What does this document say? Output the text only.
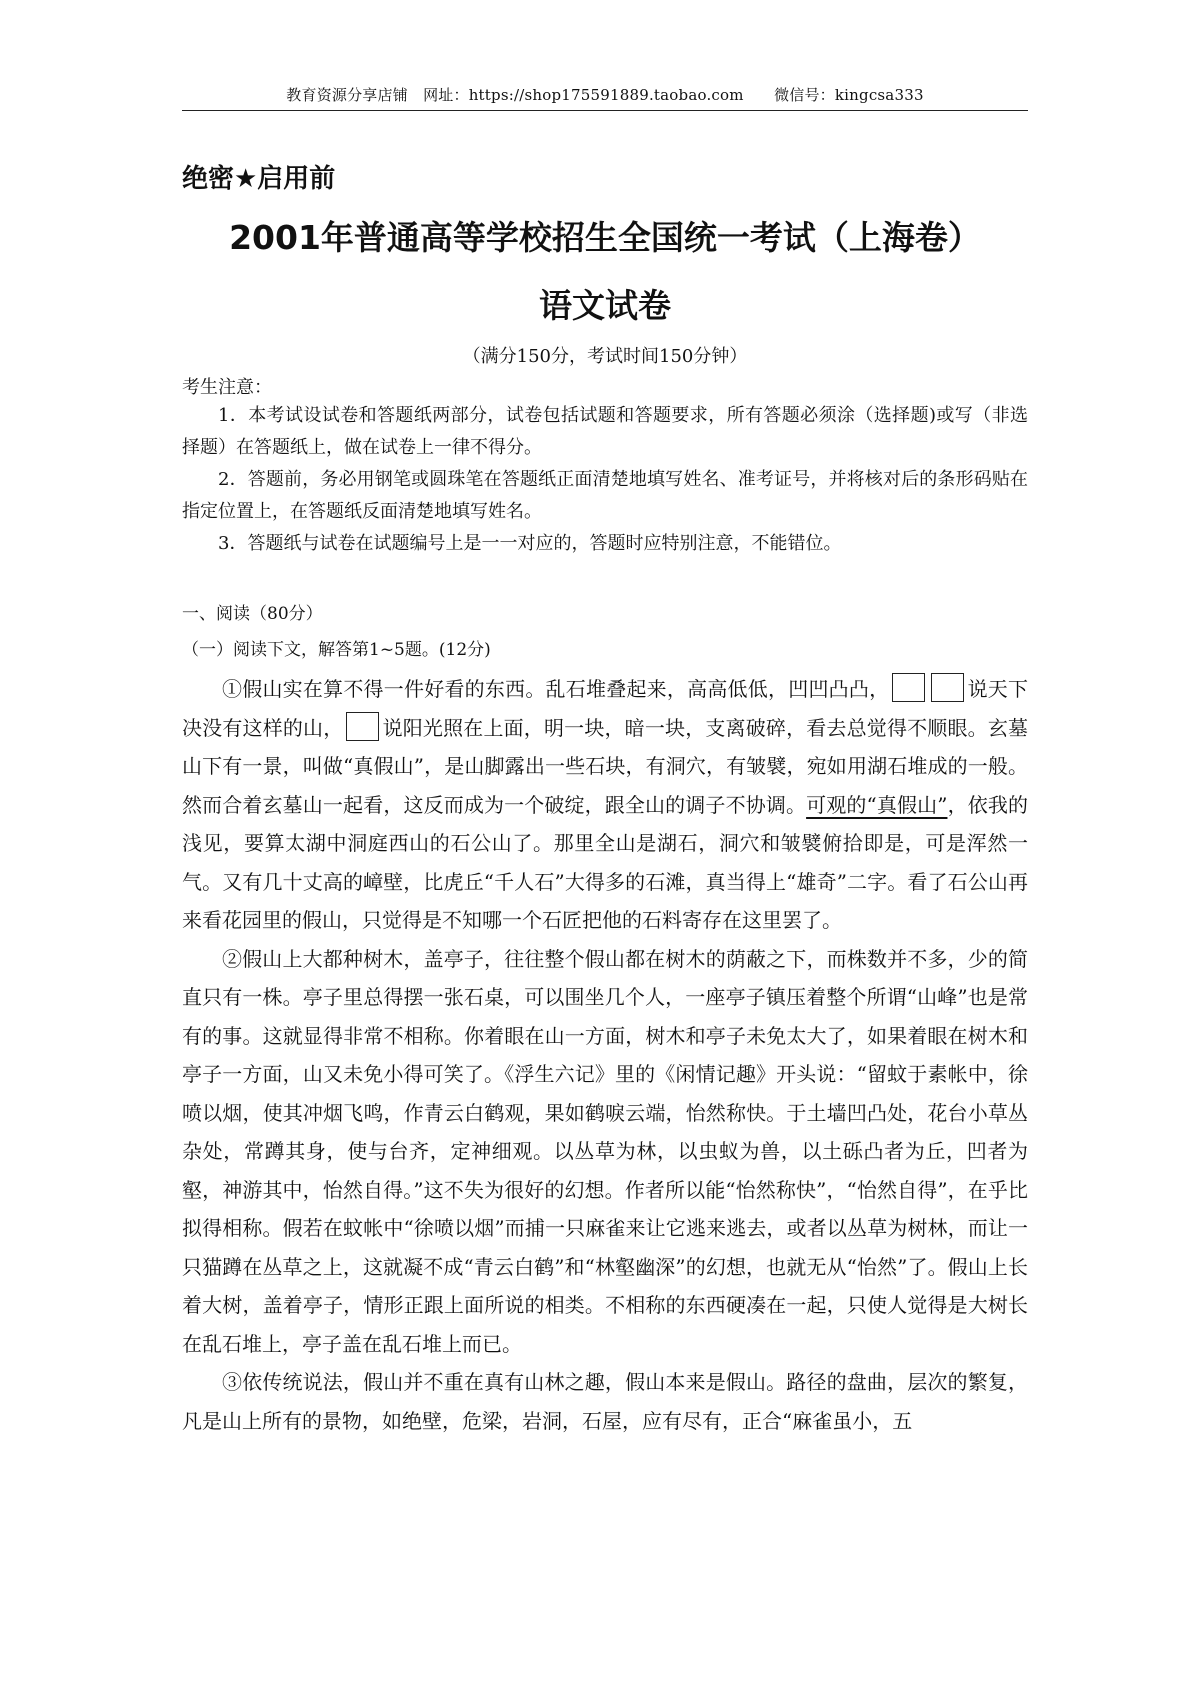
教育资源分享店铺　网址：https://shop175591889.taobao.com　　微信号：kingcsa333
绝密★启用前
2001年普通高等学校招生全国统一考试（上海卷）
语文试卷
（满分150分，考试时间150分钟）
考生注意：

1．本考试设试卷和答题纸两部分，试卷包括试题和答题要求，所有答题必须涂（选择题)或写（非选择题）在答题纸上，做在试卷上一律不得分。

2．答题前，务必用钢笔或圆珠笔在答题纸正面清楚地填写姓名、准考证号，并将核对后的条形码贴在指定位置上，在答题纸反面清楚地填写姓名。

3．答题纸与试卷在试题编号上是一一对应的，答题时应特别注意，不能错位。

一、阅读（80分）
（一）阅读下文，解答第1~5题。(12分)

①假山实在算不得一件好看的东西。乱石堆叠起来，高高低低，凹凹凸凸，	说天下决没有这样的山， 说阳光照在上面，明一块，暗一块，支离破碎，看去总觉得不顺眼。玄墓山下有一景，叫做“真假山”，是山脚露出一些石块，有洞穴，有皱襞，宛如用湖石堆成的一般。然而合着玄墓山一起看，这反而成为一个破绽，跟全山的调子不协调。可观的“真假山”，依我的浅见，要算太湖中洞庭西山的石公山了。那里全山是湖石，洞穴和皱襞俯拾即是，可是浑然一气。又有几十丈高的嶂壁，比虎丘“千人石”大得多的石滩，真当得上“雄奇”二字。看了石公山再来看花园里的假山，只觉得是不知哪一个石匠把他的石料寄存在这里罢了。

②假山上大都种树木，盖亭子，往往整个假山都在树木的荫蔽之下，而株数并不多，少的简直只有一株。亭子里总得摆一张石桌，可以围坐几个人，一座亭子镇压着整个所谓“山峰”也是常有的事。这就显得非常不相称。你着眼在山一方面，树木和亭子未免太大了，如果着眼在树木和亭子一方面，山又未免小得可笑了。《浮生六记》里的《闲情记趣》开头说：“留蚊于素帐中，徐喷以烟，使其冲烟飞鸣，作青云白鹤观，果如鹤唳云端，怡然称快。于土墙凹凸处，花台小草丛杂处，常蹲其身，使与台齐，定神细观。以丛草为林，以虫蚁为兽，以土砾凸者为丘，凹者为壑，神游其中，怡然自得。”这不失为很好的幻想。作者所以能“怡然称快”，“怡然自得”，在乎比拟得相称。假若在蚊帐中“徐喷以烟”而捕一只麻雀来让它逃来逃去，或者以丛草为树林，而让一只猫蹲在丛草之上，这就凝不成“青云白鹤”和“林壑幽深”的幻想，也就无从“怡然”了。假山上长着大树，盖着亭子，情形正跟上面所说的相类。不相称的东西硬凑在一起，只使人觉得是大树长在乱石堆上，亭子盖在乱石堆上而已。

③依传统说法，假山并不重在真有山林之趣，假山本来是假山。路径的盘曲，层次的繁复，凡是山上所有的景物，如绝壁，危梁，岩洞，石屋，应有尽有，正合“麻雀虽小，五
